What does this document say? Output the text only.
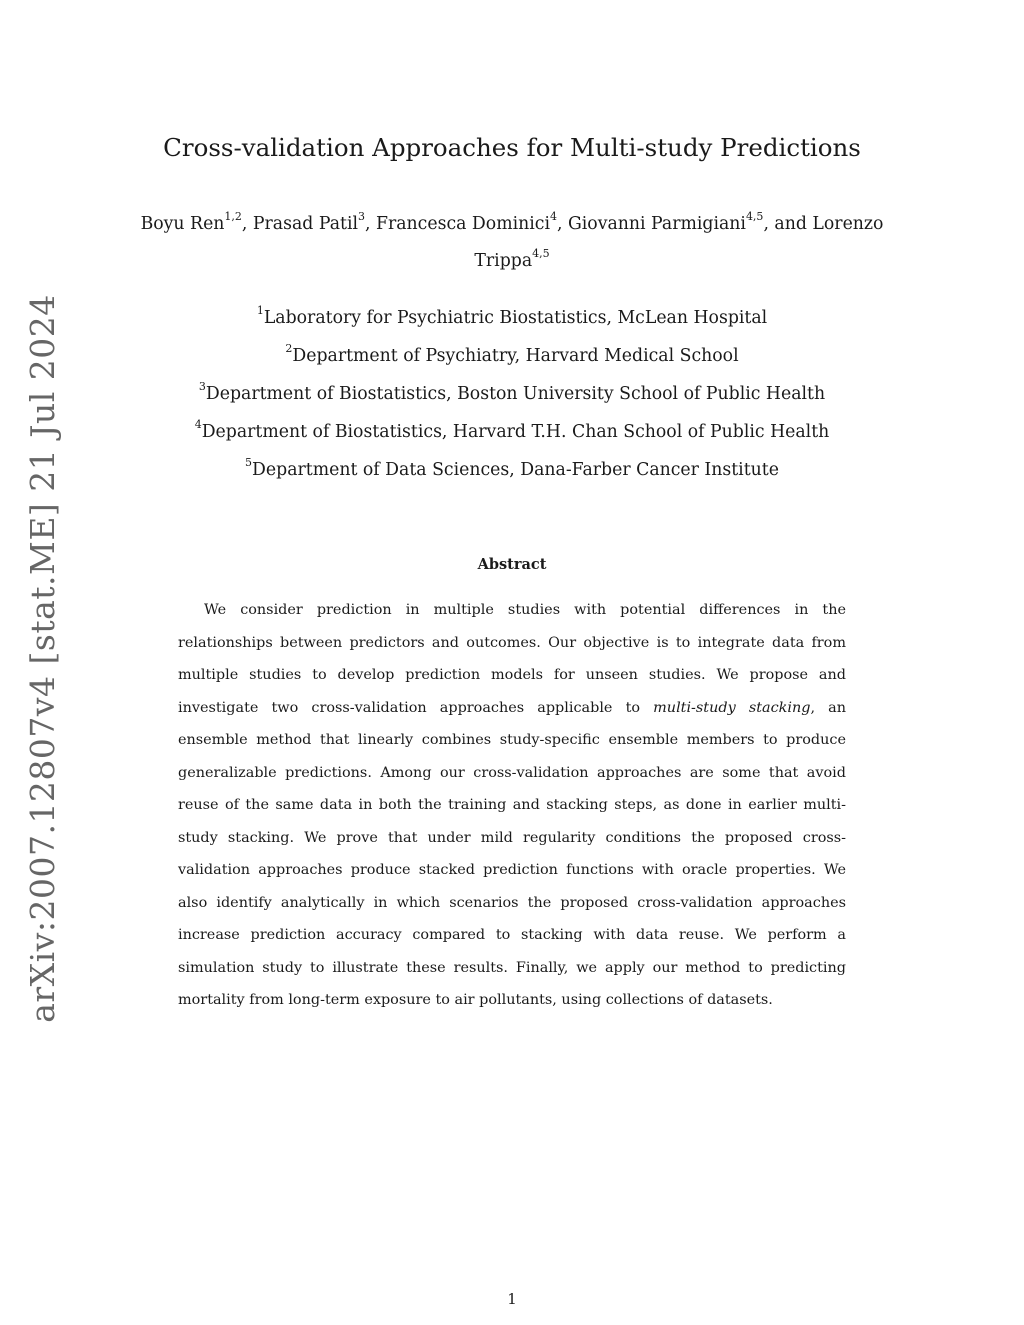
arXiv:2007.12807v4 [stat.ME] 21 Jul 2024
Cross-validation Approaches for Multi-study Predictions
Boyu Ren$^{1,2}$, Prasad Patil$^3$, Francesca Dominici$^4$, Giovanni Parmigiani$^{4,5}$, and Lorenzo
Trippa$^{4,5}$
$^1$Laboratory for Psychiatric Biostatistics, McLean Hospital
$^2$Department of Psychiatry, Harvard Medical School
$^3$Department of Biostatistics, Boston University School of Public Health
$^4$Department of Biostatistics, Harvard T.H. Chan School of Public Health
$^5$Department of Data Sciences, Dana-Farber Cancer Institute
Abstract

We consider prediction in multiple studies with potential differences in the relationships between predictors and outcomes. Our objective is to integrate data from multiple studies to develop prediction models for unseen studies. We propose and investigate two cross-validation approaches applicable to multi-study stacking, an ensemble method that linearly combines study-specific ensemble members to produce generalizable predictions. Among our cross-validation approaches are some that avoid reuse of the same data in both the training and stacking steps, as done in earlier multi-study stacking. We prove that under mild regularity conditions the proposed cross-validation approaches produce stacked prediction functions with oracle properties. We also identify analytically in which scenarios the proposed cross-validation approaches increase prediction accuracy compared to stacking with data reuse. We perform a simulation study to illustrate these results. Finally, we apply our method to predicting mortality from long-term exposure to air pollutants, using collections of datasets.

1
